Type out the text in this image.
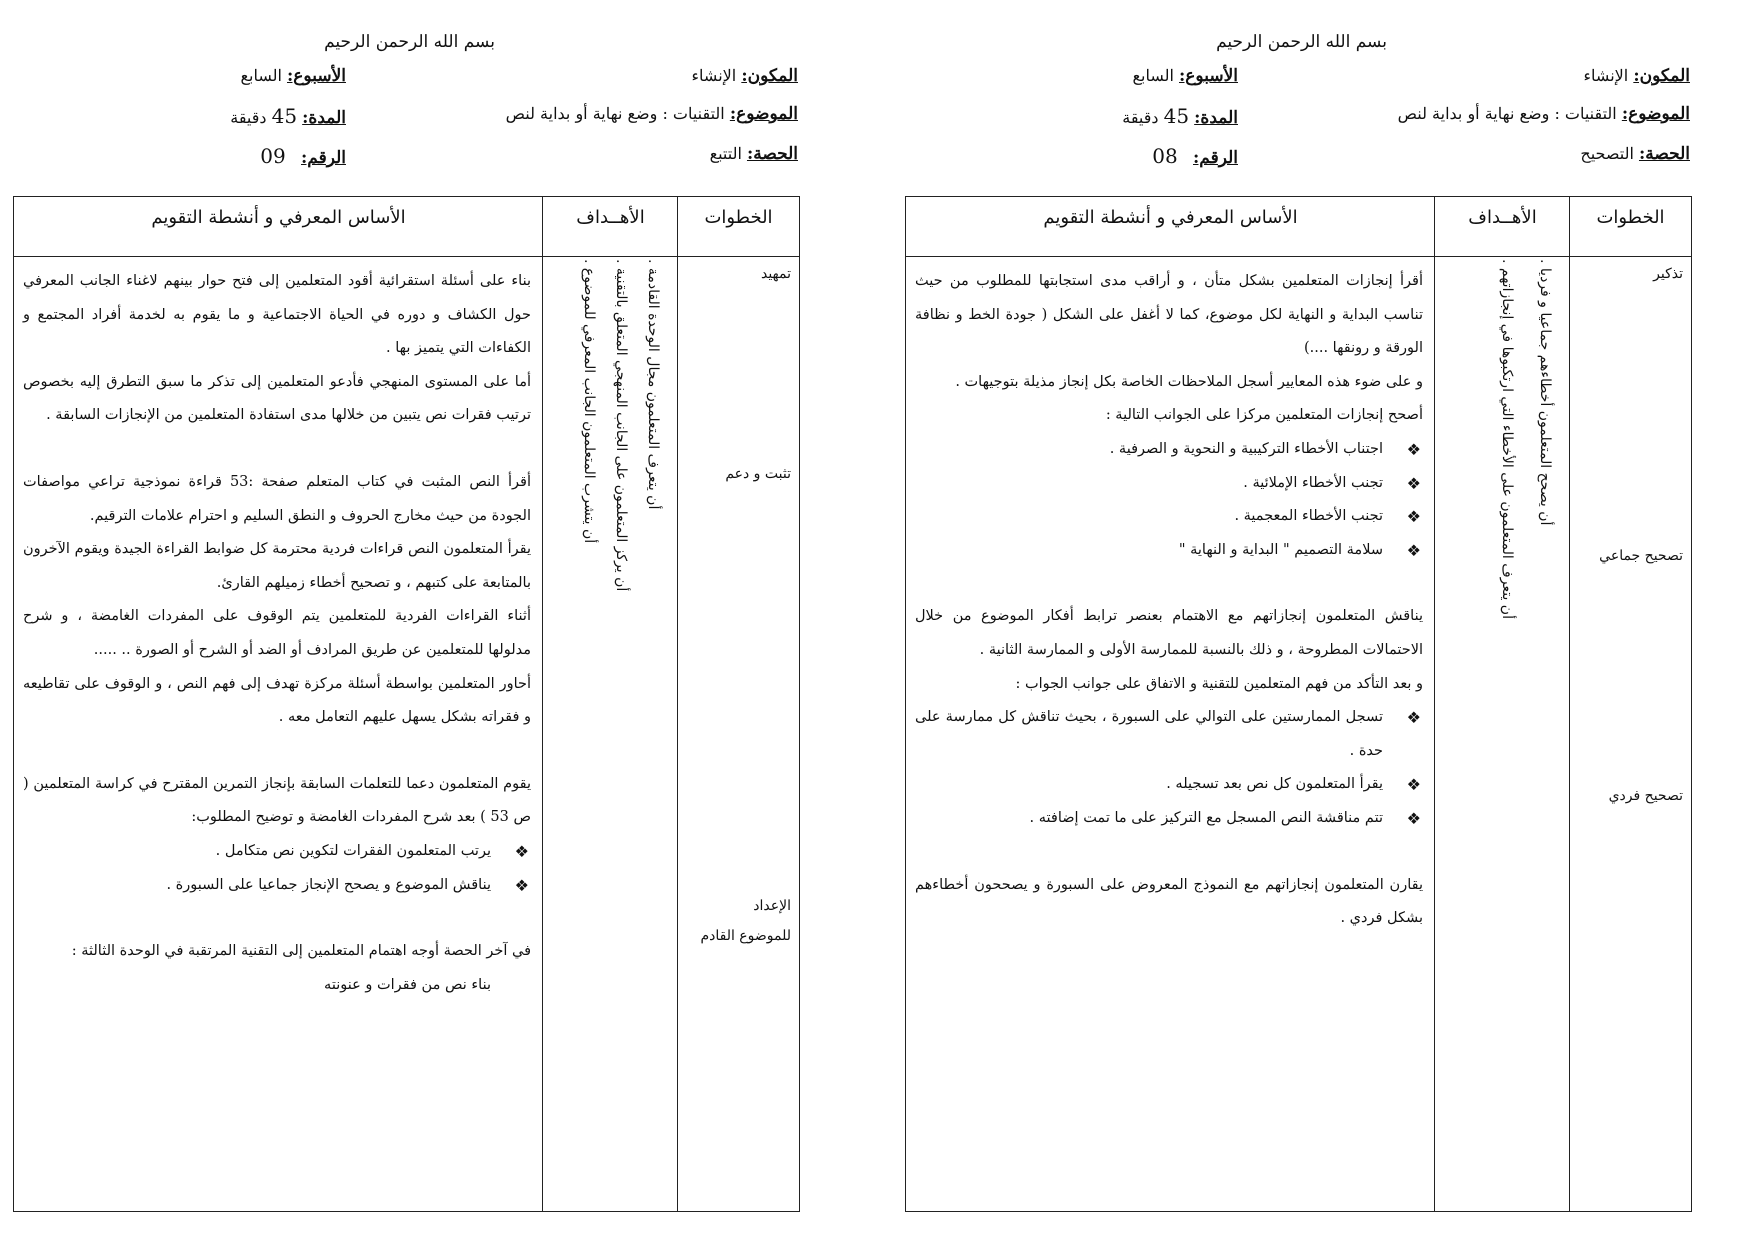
بسم الله الرحمن الرحيم
المكون: الإنشاء
الأسبوع: السابع
الموضوع: التقنيات : وضع نهاية أو بداية لنص
المدة: 45 دقيقة
الحصة: التصحيح
الرقم:   08
الخطوات
الأهــداف
الأساس المعرفي و أنشطة التقويم
تذكير
تصحيح جماعي
تصحيح فردي
أن يصحح المتعلمون أخطاءهم جماعيا و فرديا .
أن يتعرف المتعلمون على الأخطاء التي ارتكبوها في إنجازاتهم .

أقرأ إنجازات المتعلمين بشكل متأن ، و أراقب مدى استجابتها للمطلوب من حيث تناسب البداية و النهاية لكل موضوع، كما لا أغفل على الشكل ( جودة الخط و نظافة الورقة و رونقها ....)

و على ضوء هذه المعايير أسجل الملاحظات الخاصة بكل إنجاز مذيلة بتوجيهات .

أصحح إنجازات المتعلمين مركزا على الجوانب التالية :

❖ اجتناب الأخطاء التركيبية و النحوية و الصرفية .

❖ تجنب الأخطاء الإملائية .

❖ تجنب الأخطاء المعجمية .

❖ سلامة التصميم " البداية و النهاية "

يناقش المتعلمون إنجازاتهم مع الاهتمام بعنصر ترابط أفكار الموضوع من خلال الاحتمالات المطروحة ، و ذلك بالنسبة للممارسة الأولى و الممارسة الثانية .

و بعد التأكد من فهم المتعلمين للتقنية و الاتفاق على جوانب الجواب :

❖ تسجل الممارستين على التوالي على السبورة ، بحيث تناقش كل ممارسة على حدة .

❖ يقرأ المتعلمون كل نص بعد تسجيله .

❖ تتم مناقشة النص المسجل مع التركيز على ما تمت إضافته .

يقارن المتعلمون إنجازاتهم مع النموذج المعروض على السبورة و يصححون أخطاءهم بشكل فردي .

بسم الله الرحمن الرحيم
المكون: الإنشاء
الأسبوع: السابع
الموضوع: التقنيات : وضع نهاية أو بداية لنص
المدة: 45 دقيقة
الحصة: التتبع
الرقم:   09
الخطوات
الأهــداف
الأساس المعرفي و أنشطة التقويم
تمهيد
تثبت و دعم
الإعداد
للموضوع القادم
أن يتعرف المتعلمون مجال الوحدة القادمة .
أن يركز المتعلمون على الجانب المنهجي المتعلق بالتقنية .
أن يتشرب المتعلمون الجانب المعرفي للموضوع .

بناء على أسئلة استقرائية أقود المتعلمين إلى فتح حوار بينهم لاغناء الجانب المعرفي حول الكشاف و دوره في الحياة الاجتماعية و ما يقوم به لخدمة أفراد المجتمع و الكفاءات التي يتميز بها .

أما على المستوى المنهجي فأدعو المتعلمين إلى تذكر ما سبق التطرق إليه بخصوص ترتيب فقرات نص يتبين من خلالها مدى استفادة المتعلمين من الإنجازات السابقة .

أقرأ النص المثبت في كتاب المتعلم صفحة :53 قراءة نموذجية تراعي مواصفات الجودة من حيث مخارج الحروف و النطق السليم و احترام علامات الترقيم.

يقرأ المتعلمون النص قراءات فردية محترمة كل ضوابط القراءة الجيدة ويقوم الآخرون بالمتابعة على كتبهم ، و تصحيح أخطاء زميلهم القارئ.

أثناء القراءات الفردية للمتعلمين يتم الوقوف على المفردات الغامضة ، و شرح مدلولها للمتعلمين عن طريق المرادف أو الضد أو الشرح أو الصورة .. .....

أحاور المتعلمين بواسطة أسئلة مركزة تهدف إلى فهم النص ، و الوقوف على تقاطيعه و فقراته بشكل يسهل عليهم التعامل معه .

يقوم المتعلمون دعما للتعلمات السابقة بإنجاز التمرين المقترح في كراسة المتعلمين ( ص 53 ) بعد شرح المفردات الغامضة و توضيح المطلوب:

❖ يرتب المتعلمون الفقرات لتكوين نص متكامل .

❖ يناقش الموضوع و يصحح الإنجاز جماعيا على السبورة .

في آخر الحصة أوجه اهتمام المتعلمين إلى التقنية المرتقبة في الوحدة الثالثة :

بناء نص من فقرات و عنونته
